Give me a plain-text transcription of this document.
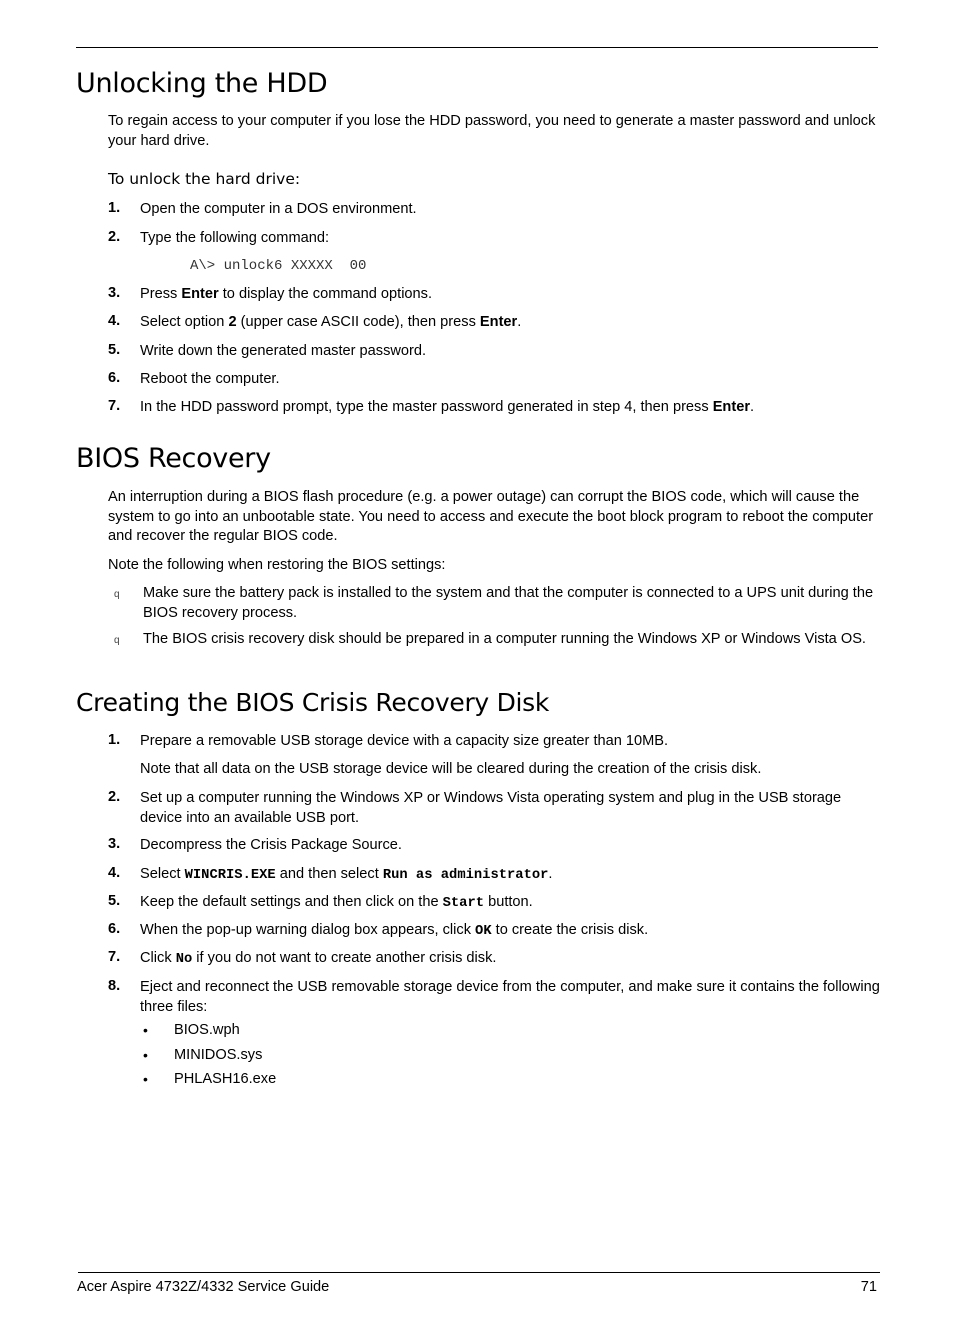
Unlocking the HDD

To regain access to your computer if you lose the HDD password, you need to generate a master password and unlock your hard drive.

To unlock the hard drive:
1. Open the computer in a DOS environment.

2. Type the following command:

A\> unlock6 XXXXX  00
3. Press Enter to display the command options.

4. Select option 2 (upper case ASCII code), then press Enter.

5. Write down the generated master password.

6. Reboot the computer.

7. In the HDD password prompt, type the master password generated in step 4, then press Enter.

BIOS Recovery

An interruption during a BIOS flash procedure (e.g. a power outage) can corrupt the BIOS code, which will cause the system to go into an unbootable state. You need to access and execute the boot block program to reboot the computer and recover the regular BIOS code.

Note the following when restoring the BIOS settings:

q Make sure the battery pack is installed to the system and that the computer is connected to a UPS unit during the BIOS recovery process.

q The BIOS crisis recovery disk should be prepared in a computer running the Windows XP or Windows Vista OS.

Creating the BIOS Crisis Recovery Disk
1. Prepare a removable USB storage device with a capacity size greater than 10MB.

Note that all data on the USB storage device will be cleared during the creation of the crisis disk.

2. Set up a computer running the Windows XP or Windows Vista operating system and plug in the USB storage device into an available USB port.

3. Decompress the Crisis Package Source.

4. Select WINCRIS.EXE and then select Run as administrator.

5. Keep the default settings and then click on the Start button.

6. When the pop-up warning dialog box appears, click OK to create the crisis disk.

7. Click No if you do not want to create another crisis disk.

8. Eject and reconnect the USB removable storage device from the computer, and make sure it contains the following three files:

• BIOS.wph
• MINIDOS.sys
• PHLASH16.exe
Acer Aspire 4732Z/4332 Service Guide	71
